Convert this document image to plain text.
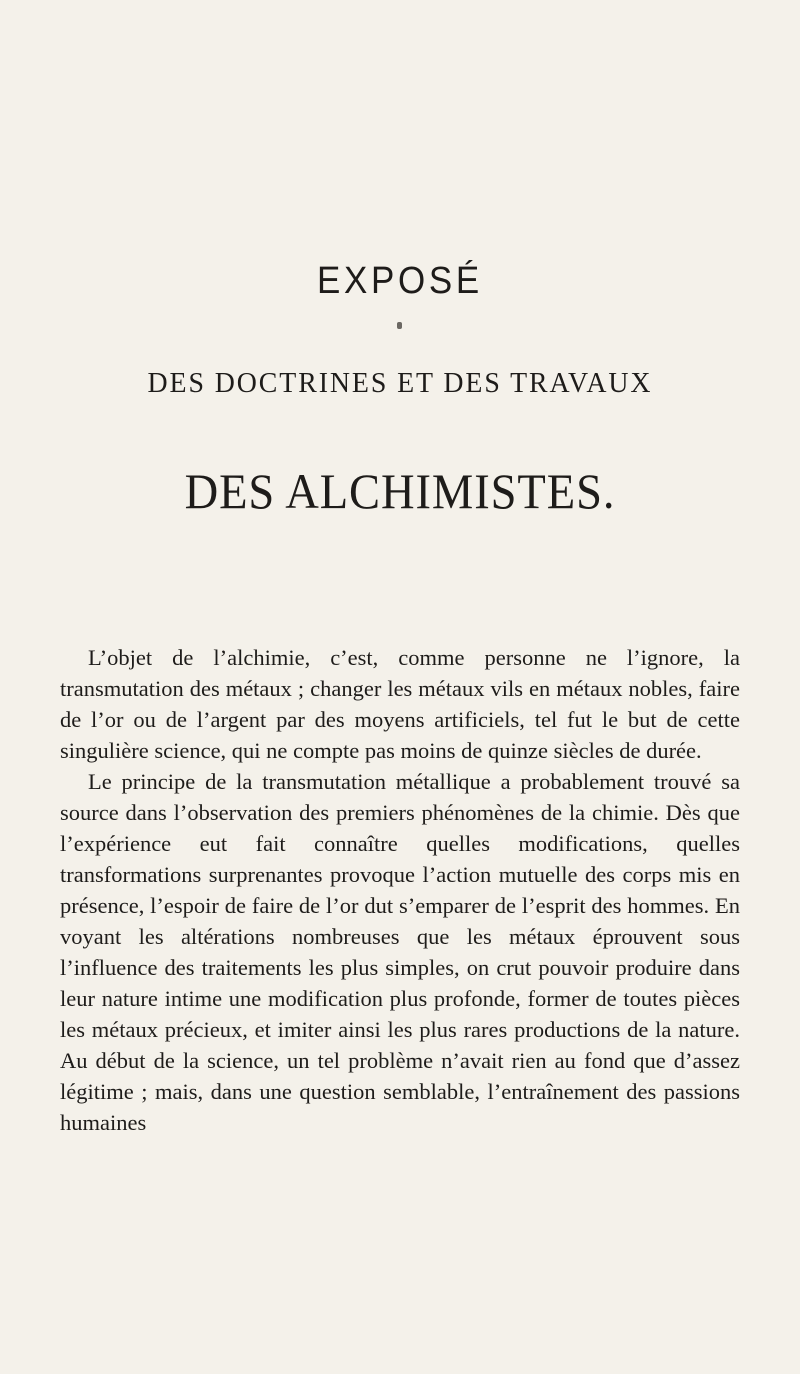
EXPOSÉ
DES DOCTRINES ET DES TRAVAUX
DES ALCHIMISTES.

L’objet de l’alchimie, c’est, comme personne ne l’ignore, la transmutation des métaux ; changer les métaux vils en métaux nobles, faire de l’or ou de l’argent par des moyens artificiels, tel fut le but de cette singulière science, qui ne compte pas moins de quinze siècles de durée.

Le principe de la transmutation métallique a probablement trouvé sa source dans l’observation des premiers phénomènes de la chimie. Dès que l’expérience eut fait connaître quelles modifications, quelles transformations surprenantes provoque l’action mutuelle des corps mis en présence, l’espoir de faire de l’or dut s’emparer de l’esprit des hommes. En voyant les altérations nombreuses que les métaux éprouvent sous l’influence des traitements les plus simples, on crut pouvoir produire dans leur nature intime une modification plus profonde, former de toutes pièces les métaux précieux, et imiter ainsi les plus rares productions de la nature. Au début de la science, un tel problème n’avait rien au fond que d’assez légitime ; mais, dans une question semblable, l’entraînement des passions humaines
